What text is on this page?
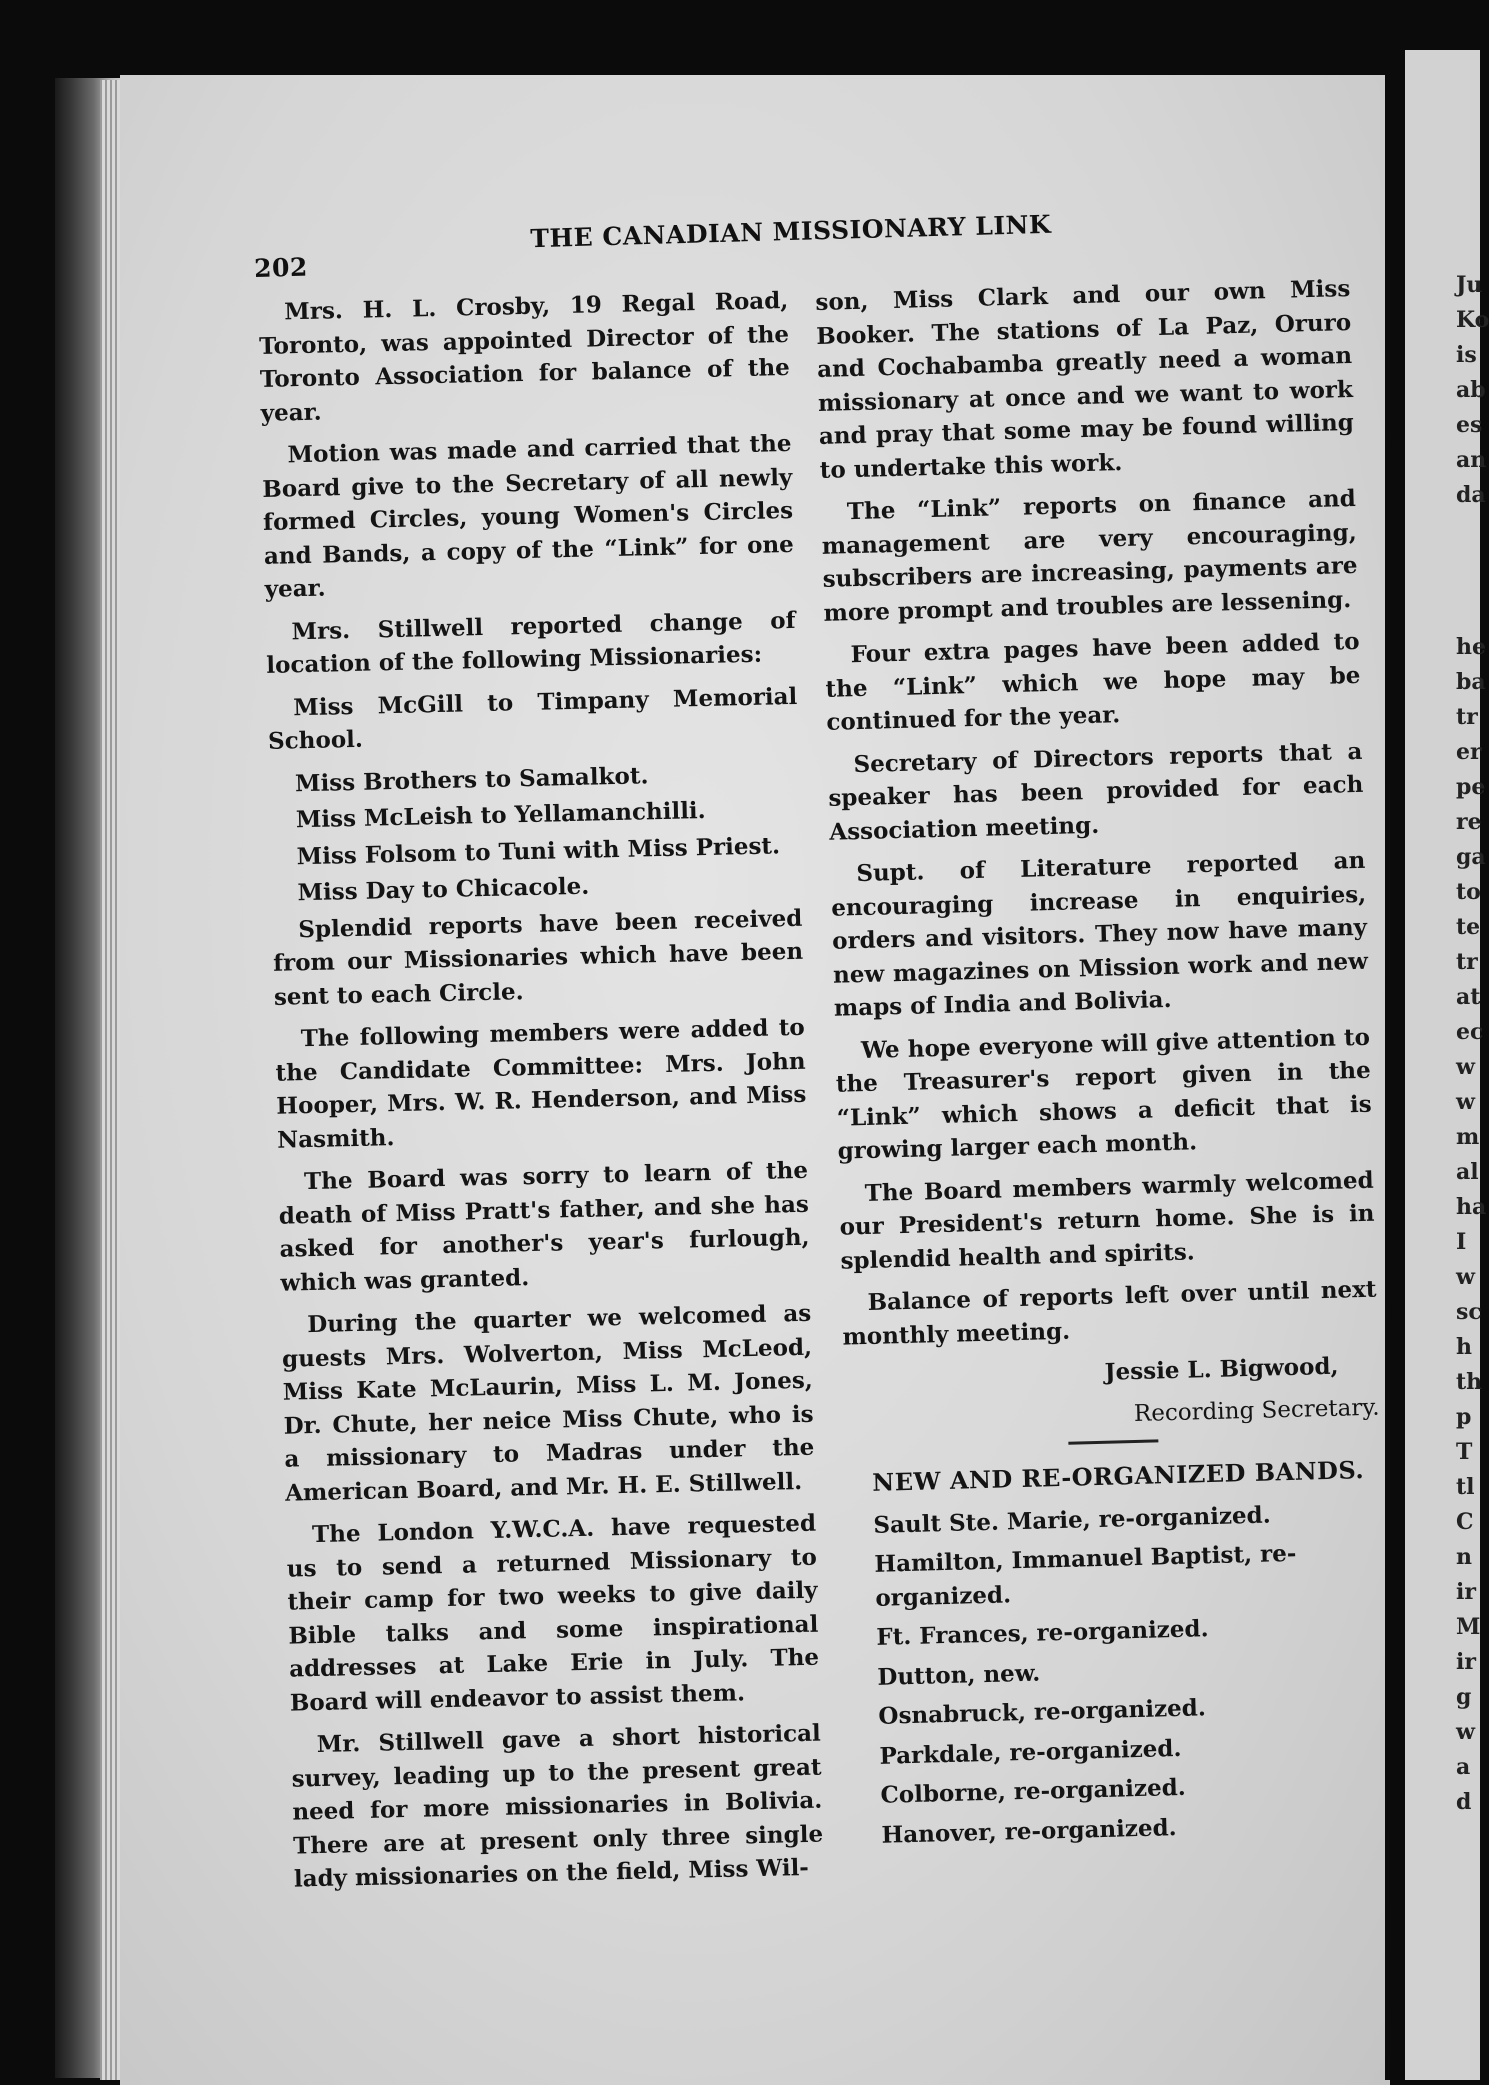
Ju
Ko
is
ab
es
an
da
he
ba
tr
er
pe
re
ga
to
te
tr
at
ec
w
w
m
al
ha
I
w
sc
h
th
p
T
tl
C
n
ir
M
ir
g
w
a
d
202
THE CANADIAN MISSIONARY LINK

Mrs. H. L. Crosby, 19 Regal Road, Toronto, was appointed Director of the Toronto Association for balance of the year.

Motion was made and carried that the Board give to the Secretary of all newly formed Circles, young Women's Circles and Bands, a copy of the “Link” for one year.

Mrs. Stillwell reported change of location of the following Missionaries:

Miss McGill to Timpany Memorial School.

Miss Brothers to Samalkot.

Miss McLeish to Yellamanchilli.

Miss Folsom to Tuni with Miss Priest.

Miss Day to Chicacole.

Splendid reports have been received from our Missionaries which have been sent to each Circle.

The following members were added to the Candidate Committee: Mrs. John Hooper, Mrs. W. R. Henderson, and Miss Nasmith.

The Board was sorry to learn of the death of Miss Pratt's father, and she has asked for another's year's furlough, which was granted.

During the quarter we welcomed as guests Mrs. Wolverton, Miss McLeod, Miss Kate McLaurin, Miss L. M. Jones, Dr. Chute, her neice Miss Chute, who is a missionary to Madras under the American Board, and Mr. H. E. Stillwell.

The London Y.W.C.A. have requested us to send a returned Missionary to their camp for two weeks to give daily Bible talks and some inspirational addresses at Lake Erie in July. The Board will endeavor to assist them.

Mr. Stillwell gave a short historical survey, leading up to the present great need for more missionaries in Bolivia. There are at present only three single lady missionaries on the field, Miss Wil-

son, Miss Clark and our own Miss Booker. The stations of La Paz, Oruro and Cochabamba greatly need a woman missionary at once and we want to work and pray that some may be found willing to undertake this work.

The “Link” reports on finance and management are very encouraging, subscribers are increasing, payments are more prompt and troubles are lessening.

Four extra pages have been added to the “Link” which we hope may be continued for the year.

Secretary of Directors reports that a speaker has been provided for each Association meeting.

Supt. of Literature reported an encouraging increase in enquiries, orders and visitors. They now have many new magazines on Mission work and new maps of India and Bolivia.

We hope everyone will give attention to the Treasurer's report given in the “Link” which shows a deficit that is growing larger each month.

The Board members warmly welcomed our President's return home. She is in splendid health and spirits.

Balance of reports left over until next monthly meeting.

Jessie L. Bigwood,

Recording Secretary.

NEW AND RE-ORGANIZED BANDS.

Sault Ste. Marie, re-organized.

Hamilton, Immanuel Baptist, re-organized.

Ft. Frances, re-organized.

Dutton, new.

Osnabruck, re-organized.

Parkdale, re-organized.

Colborne, re-organized.

Hanover, re-organized.
